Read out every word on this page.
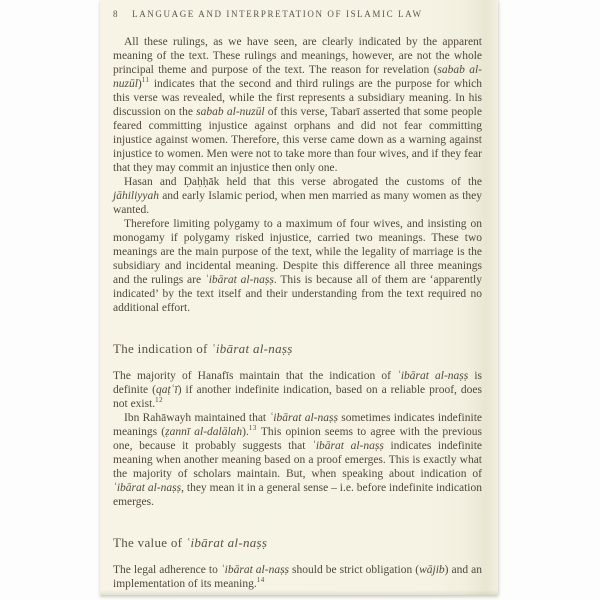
8 LANGUAGE AND INTERPRETATION OF ISLAMIC LAW

All these rulings, as we have seen, are clearly indicated by the apparent meaning of the text. These rulings and meanings, however, are not the whole principal theme and purpose of the text. The reason for revelation (sabab al-nuzūl)$^{11}$ indicates that the second and third rulings are the purpose for which this verse was revealed, while the first represents a subsidiary meaning. In his discussion on the sabab al-nuzūl of this verse, Tabarī asserted that some people feared committing injustice against orphans and did not fear committing injustice against women. Therefore, this verse came down as a warning against injustice to women. Men were not to take more than four wives, and if they fear that they may commit an injustice then only one.

Hasan and Ḍaḥḥāk held that this verse abrogated the customs of the jāhiliyyah and early Islamic period, when men married as many women as they wanted.

Therefore limiting polygamy to a maximum of four wives, and insisting on monogamy if polygamy risked injustice, carried two meanings. These two meanings are the main purpose of the text, while the legality of marriage is the subsidiary and incidental meaning. Despite this difference all three meanings and the rulings are ʿibārat al-naṣṣ. This is because all of them are ‘apparently indicated’ by the text itself and their understanding from the text required no additional effort.

The indication of ʿibārat al-naṣṣ

The majority of Hanafīs maintain that the indication of ʿibārat al-naṣṣ is definite (qaṭʿī) if another indefinite indication, based on a reliable proof, does not exist.$^{12}$

Ibn Rahāwayh maintained that ʿibārat al-naṣṣ sometimes indicates indefinite meanings (ẓannī al-dalālah).$^{13}$ This opinion seems to agree with the previous one, because it probably suggests that ʿibārat al-naṣṣ indicates indefinite meaning when another meaning based on a proof emerges. This is exactly what the majority of scholars maintain. But, when speaking about indication of ʿibārat al-naṣṣ, they mean it in a general sense – i.e. before indefinite indication emerges.

The value of ʿibārat al-naṣṣ

The legal adherence to ʿibārat al-naṣṣ should be strict obligation (wājib) and an implementation of its meaning.$^{14}$
